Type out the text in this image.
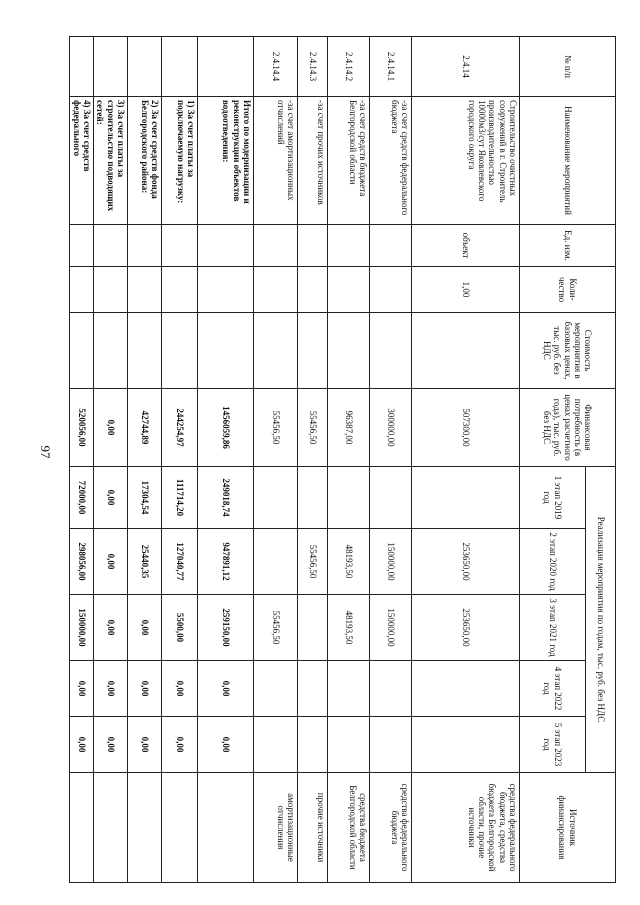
97
№ п/п	Наименование мероприятий	Ед. изм.	Коли-чество	Стоимость мероприятия в базовых ценах, тыс. руб. без НДС	Финансовая потребность (в ценах расчетного года), тыс. руб. без НДС	Реализация мероприятия по годам, тыс. руб. без НДС					Источник финансирования
						1 этап 2019 год	2 этап 2020 год	3 этап 2021 год	4 этап 2022 год	5 этап 2023 год	
2.4.14	Строительство очистных сооружений в г. Строитель производительностью 10000м3/сут Яковлевского городского округа	объект	1,00		507300,00		253650,00	253650,00			средства федерального бюджета, средства бюджета Белгородской области, прочие источники
2.4.14.1	-за счет средств федерального бюджета				300000,00		150000,00	150000,00			средства федерального бюджета
2.4.14.2	-за счет средств бюджета Белгородской области				96387,00		48193,50	48193,50			средства бюджета Белгородской области
2.4.14.3	-за счет прочих источников				55456,50		55456,50				прочие источники
2.4.14.4	-за счет амортизационных отчислений				55456,50			55456,50			амортизационные отчисления
	Итого по модернизации и реконструкции объектов водоотведения:				1456059,86	249018,74	947891,12	259150,00	0,00	0,00	
	1) За счет платы за подключаемую нагрузку:				244254,97	111714,20	127040,77	5500,00	0,00	0,00	
	2) За счет средств фонда Белгородского района:				42744,89	17304,54	25440,35	0,00	0,00	0,00	
	3) За счет платы за строительство подводящих сетей:				0,00	0,00	0,00	0,00	0,00	0,00	
	4) За счет средств федерального				520056,00	72000,00	298056,00	150000,00	0,00	0,00	
